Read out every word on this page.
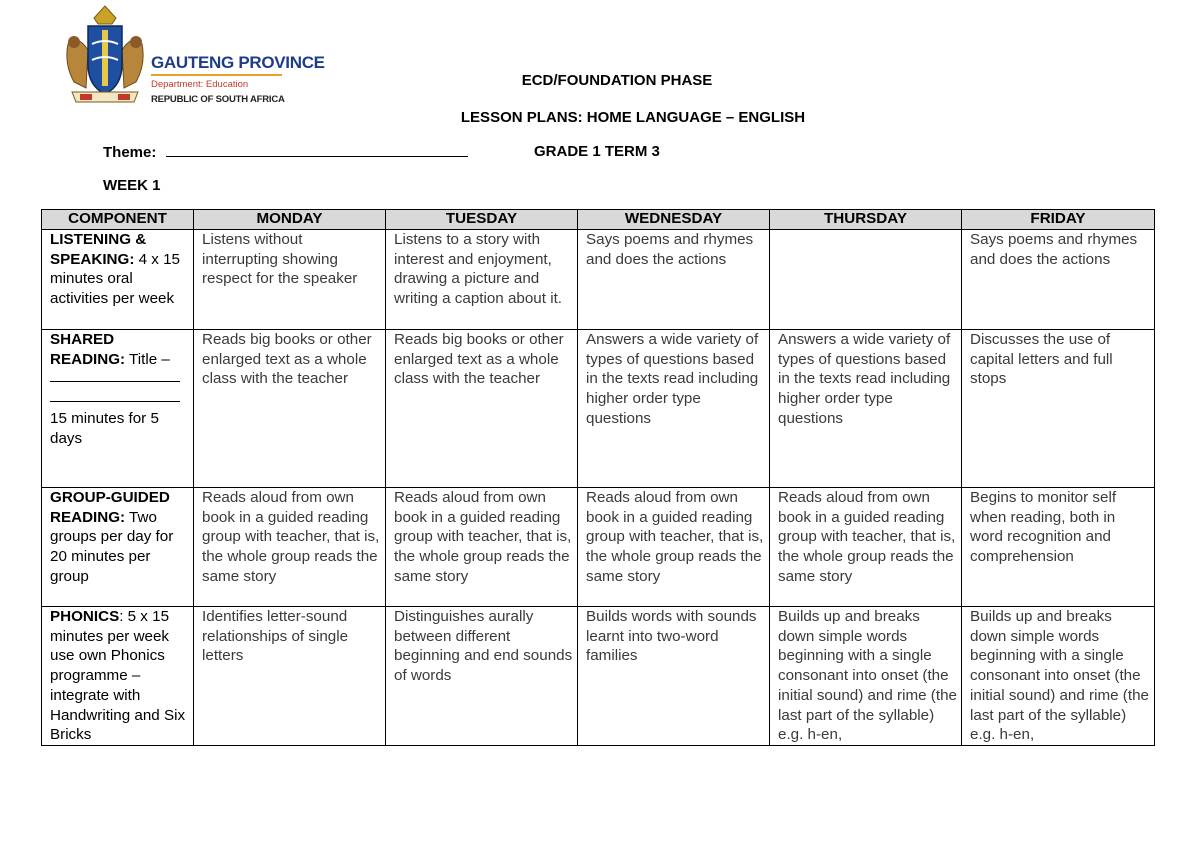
GAUTENG PROVINCE
Department: Education
REPUBLIC OF SOUTH AFRICA
ECD/FOUNDATION PHASE
LESSON PLANS: HOME LANGUAGE – ENGLISH
Theme:	GRADE 1 TERM 3
WEEK 1
COMPONENT	MONDAY	TUESDAY	WEDNESDAY	THURSDAY	FRIDAY
LISTENING & SPEAKING: 4 x 15 minutes oral activities per week	Listens without interrupting showing respect for the speaker	Listens to a story with interest and enjoyment, drawing a picture and writing a caption about it.	Says poems and rhymes and does the actions		Says poems and rhymes and does the actions
SHARED READING: Title –
15 minutes for 5 days	Reads big books or other enlarged text as a whole class with the teacher	Reads big books or other enlarged text as a whole class with the teacher	Answers a wide variety of types of questions based in the texts read including higher order type questions	Answers a wide variety of types of questions based in the texts read including higher order type questions	Discusses the use of capital letters and full stops
GROUP-GUIDED READING: Two groups per day for 20 minutes per group	Reads aloud from own book in a guided reading group with teacher, that is, the whole group reads the same story	Reads aloud from own book in a guided reading group with teacher, that is, the whole group reads the same story	Reads aloud from own book in a guided reading group with teacher, that is, the whole group reads the same story	Reads aloud from own book in a guided reading group with teacher, that is, the whole group reads the same story	Begins to monitor self when reading, both in word recognition and comprehension
PHONICS: 5 x 15 minutes per week use own Phonics programme – integrate with Handwriting and Six Bricks	Identifies letter-sound relationships of single letters	Distinguishes aurally between different beginning and end sounds of words	Builds words with sounds learnt into two-word families	Builds up and breaks down simple words beginning with a single consonant into onset (the initial sound) and rime (the last part of the syllable) e.g. h-en,	Builds up and breaks down simple words beginning with a single consonant into onset (the initial sound) and rime (the last part of the syllable) e.g. h-en,
